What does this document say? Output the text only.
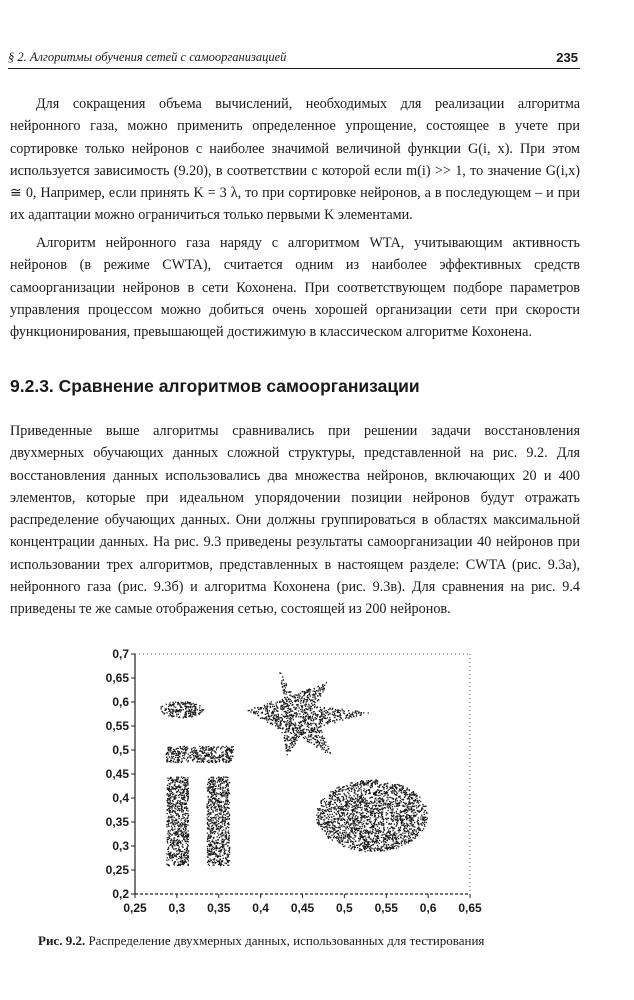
§ 2. Алгоритмы обучения сетей с самоорганизацией	235

Для сокращения объема вычислений, необходимых для реализации алгоритма нейронного газа, можно применить определенное упрощение, состоящее в учете при сортировке только нейронов с наиболее значимой величиной функции G(i, x). При этом используется зависимость (9.20), в соответствии с которой если m(i) >> 1, то значение G(i,x) ≅ 0, Например, если принять K = 3 λ, то при сортировке нейронов, а в последующем – и при их адаптации можно ограничиться только первыми K элементами.

Алгоритм нейронного газа наряду с алгоритмом WTA, учитывающим активность нейронов (в режиме CWTA), считается одним из наиболее эффективных средств самоорганизации нейронов в сети Кохонена. При соответствующем подборе параметров управления процессом можно добиться очень хорошей организации сети при скорости функционирования, превышающей достижимую в классическом алгоритме Кохонена.

9.2.3. Сравнение алгоритмов самоорганизации

Приведенные выше алгоритмы сравнивались при решении задачи восстановления двухмерных обучающих данных сложной структуры, представленной на рис. 9.2. Для восстановления данных использовались два множества нейронов, включающих 20 и 400 элементов, которые при идеальном упорядочении позиции нейронов будут отражать распределение обучающих данных. Они должны группироваться в областях максимальной концентрации данных. На рис. 9.3 приведены результаты самоорганизации 40 нейронов при использовании трех алгоритмов, представленных в настоящем разделе: CWTA (рис. 9.3а), нейронного газа (рис. 9.3б) и алгоритма Кохонена (рис. 9.3в). Для сравнения на рис. 9.4 приведены те же самые отображения сетью, состоящей из 200 нейронов.

0,7
0,65
0,6
0,55
0,5
0,45
0,4
0,35
0,3
0,25
0,2
0,25 0,3 0,35 0,4 0,45 0,5 0,55 0,6 0,65
Рис. 9.2. Распределение двухмерных данных, использованных для тестирования
